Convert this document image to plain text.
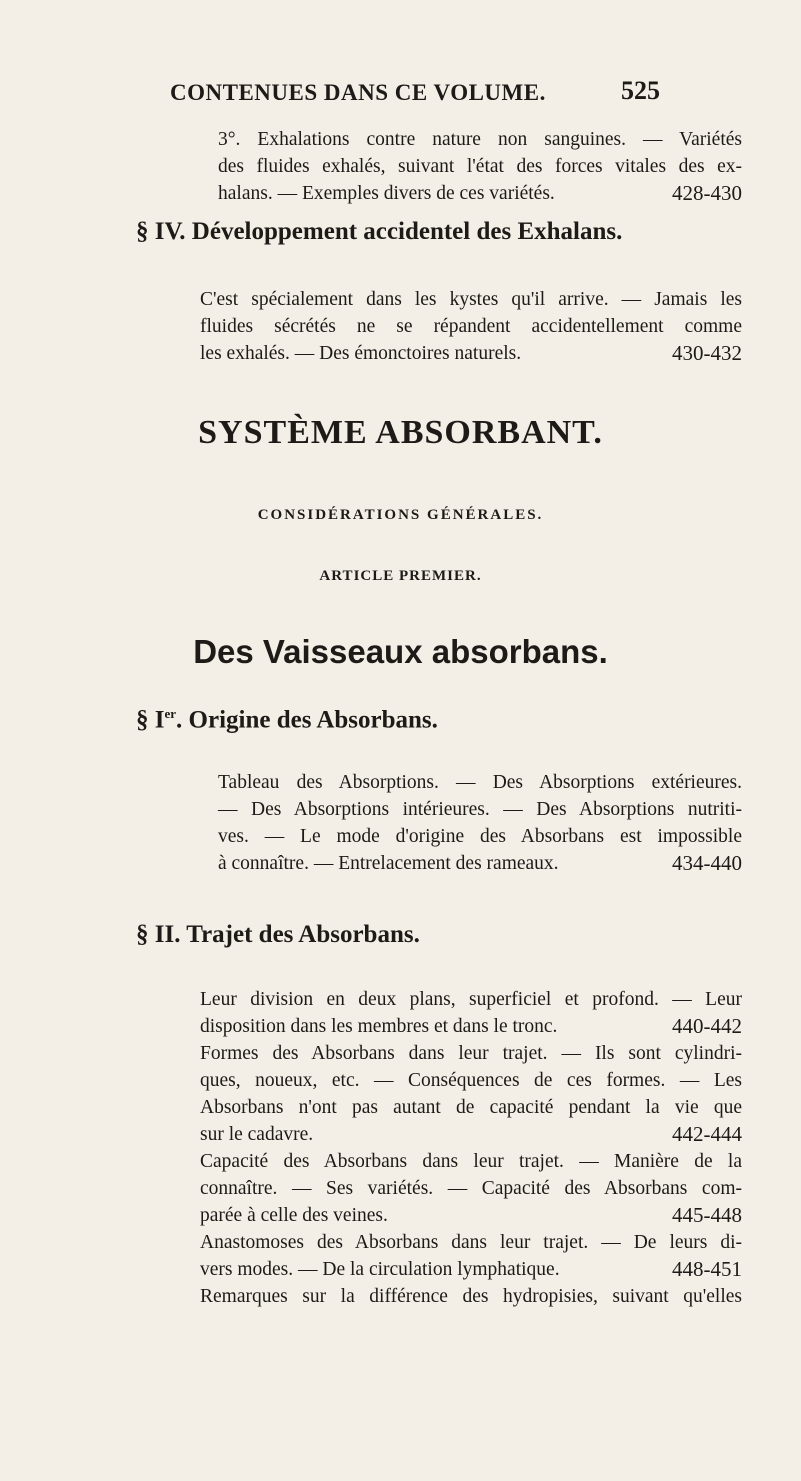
CONTENUES DANS CE VOLUME.	525
3°. Exhalations contre nature non sanguines. — Variétés
des fluides exhalés, suivant l'état des forces vitales des ex-
halans. — Exemples divers de ces variétés.	428-430
§ IV. Développement accidentel des Exhalans.
C'est spécialement dans les kystes qu'il arrive. — Jamais les
fluides sécrétés ne se répandent accidentellement comme
les exhalés. — Des émonctoires naturels.	430-432
SYSTÈME ABSORBANT.
CONSIDÉRATIONS GÉNÉRALES.
ARTICLE PREMIER.
Des Vaisseaux absorbans.
§ Ier. Origine des Absorbans.
Tableau des Absorptions. — Des Absorptions extérieures.
— Des Absorptions intérieures. — Des Absorptions nutriti-
ves. — Le mode d'origine des Absorbans est impossible
à connaître. — Entrelacement des rameaux.	434-440
§ II. Trajet des Absorbans.
Leur division en deux plans, superficiel et profond. — Leur
disposition dans les membres et dans le tronc.	440-442
Formes des Absorbans dans leur trajet. — Ils sont cylindri-
ques, noueux, etc. — Conséquences de ces formes. — Les
Absorbans n'ont pas autant de capacité pendant la vie que
sur le cadavre.	442-444
Capacité des Absorbans dans leur trajet. — Manière de la
connaître. — Ses variétés. — Capacité des Absorbans com-
parée à celle des veines.	445-448
Anastomoses des Absorbans dans leur trajet. — De leurs di-
vers modes. — De la circulation lymphatique.	448-451
Remarques sur la différence des hydropisies, suivant qu'elles
